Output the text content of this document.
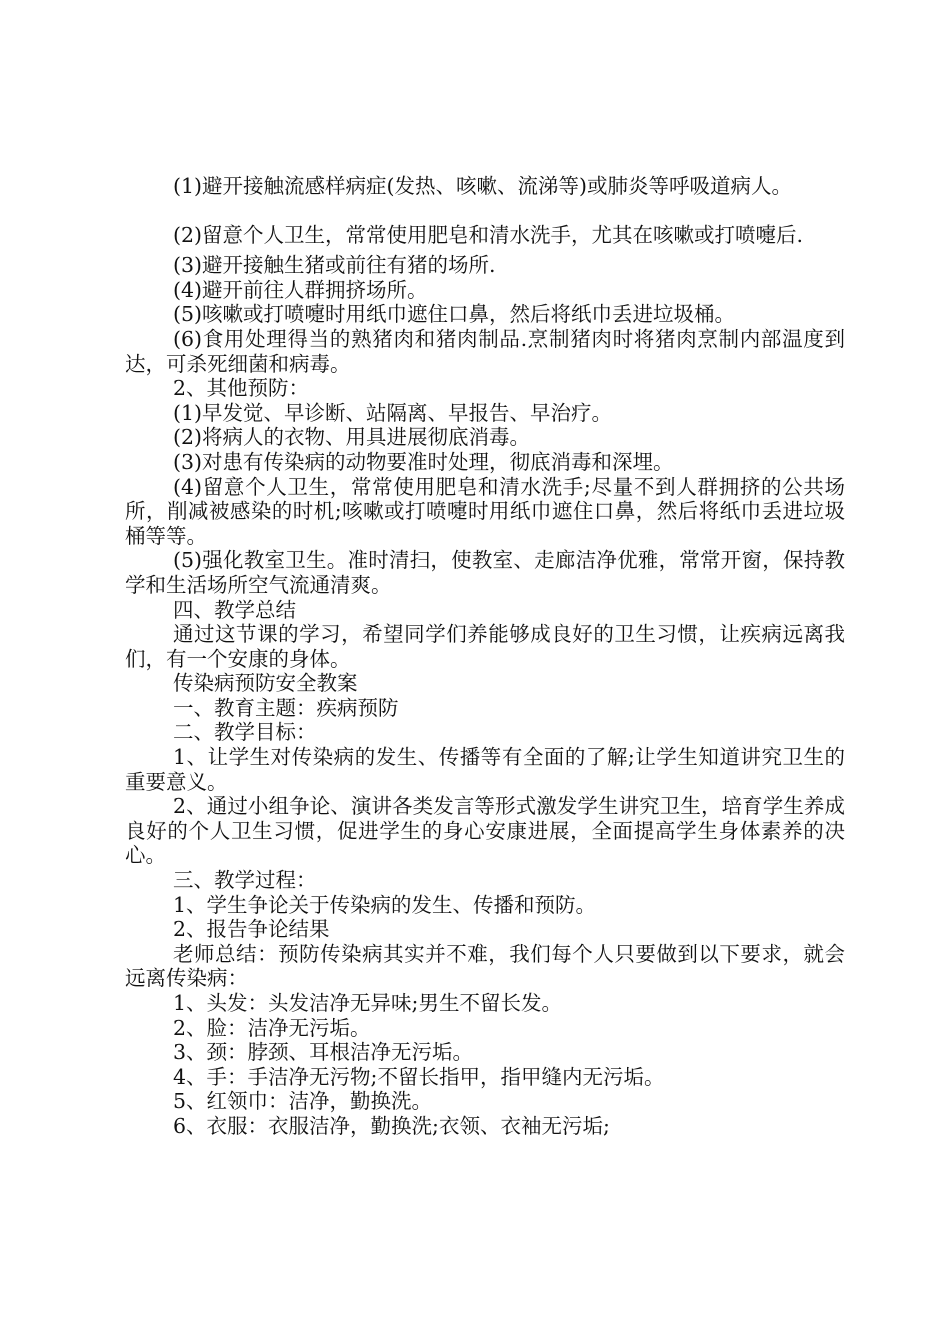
(1)避开接触流感样病症(发热、咳嗽、流涕等)或肺炎等呼吸道病人。

(2)留意个人卫生，常常使用肥皂和清水洗手，尤其在咳嗽或打喷嚏后.

(3)避开接触生猪或前往有猪的场所.

(4)避开前往人群拥挤场所。

(5)咳嗽或打喷嚏时用纸巾遮住口鼻，然后将纸巾丢进垃圾桶。

(6)食用处理得当的熟猪肉和猪肉制品.烹制猪肉时将猪肉烹制内部温度到达，可杀死细菌和病毒。

2、其他预防：

(1)早发觉、早诊断、站隔离、早报告、早治疗。

(2)将病人的衣物、用具进展彻底消毒。

(3)对患有传染病的动物要准时处理，彻底消毒和深埋。

(4)留意个人卫生，常常使用肥皂和清水洗手;尽量不到人群拥挤的公共场所，削减被感染的时机;咳嗽或打喷嚏时用纸巾遮住口鼻，然后将纸巾丢进垃圾桶等等。

(5)强化教室卫生。准时清扫，使教室、走廊洁净优雅，常常开窗，保持教学和生活场所空气流通清爽。

四、教学总结

通过这节课的学习，希望同学们养能够成良好的卫生习惯，让疾病远离我们，有一个安康的身体。

传染病预防安全教案

一、教育主题：疾病预防

二、教学目标：

1、让学生对传染病的发生、传播等有全面的了解;让学生知道讲究卫生的重要意义。

2、通过小组争论、演讲各类发言等形式激发学生讲究卫生，培育学生养成良好的个人卫生习惯，促进学生的身心安康进展，全面提高学生身体素养的决心。

三、教学过程：

1、学生争论关于传染病的发生、传播和预防。

2、报告争论结果

老师总结：预防传染病其实并不难，我们每个人只要做到以下要求，就会远离传染病：

1、头发：头发洁净无异味;男生不留长发。

2、脸：洁净无污垢。

3、颈：脖颈、耳根洁净无污垢。

4、手：手洁净无污物;不留长指甲，指甲缝内无污垢。

5、红领巾：洁净，勤换洗。

6、衣服：衣服洁净，勤换洗;衣领、衣袖无污垢;
